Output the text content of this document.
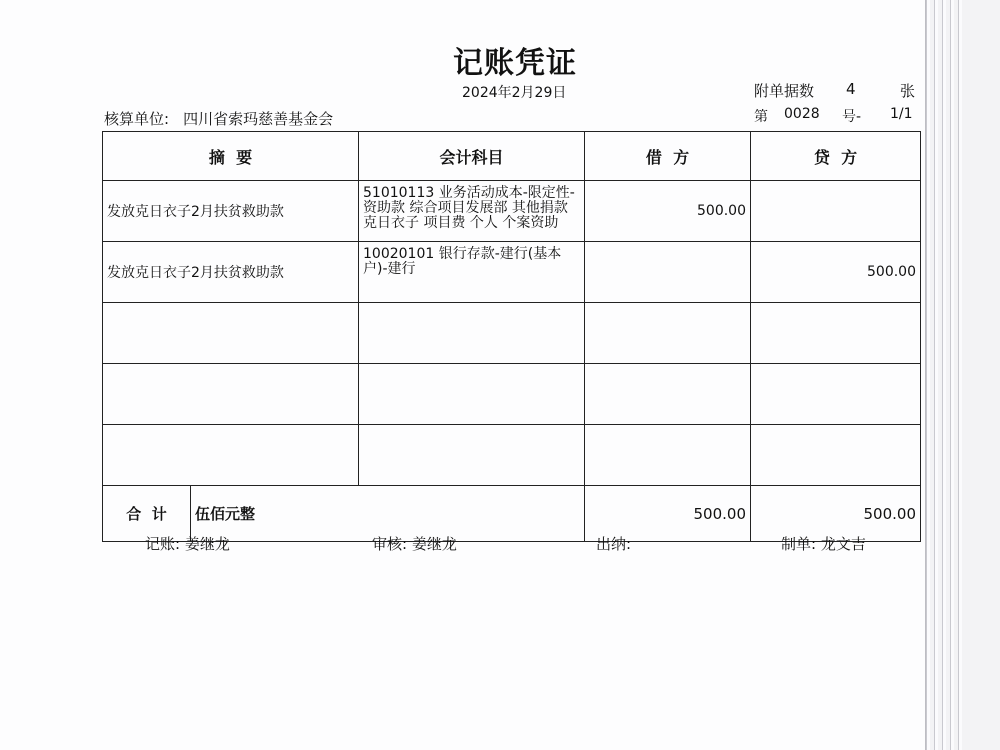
记账凭证
2024年2月29日	附单据数 4	张
核算单位: 四川省索玛慈善基金会	第 0028 号- 1/1
摘  要		会计科目	借  方	贷  方
发放克日衣子2月扶贫救助款		51010113 业务活动成本-限定性-资助款 综合项目发展部 其他捐款 克日衣子 项目费 个人 个案资助	500.00	
发放克日衣子2月扶贫救助款		10020101 银行存款-建行(基本户)-建行		500.00

合  计	伍佰元整		500.00	500.00
记账: 姜继龙	审核: 姜继龙	出纳:	制单: 龙文吉
